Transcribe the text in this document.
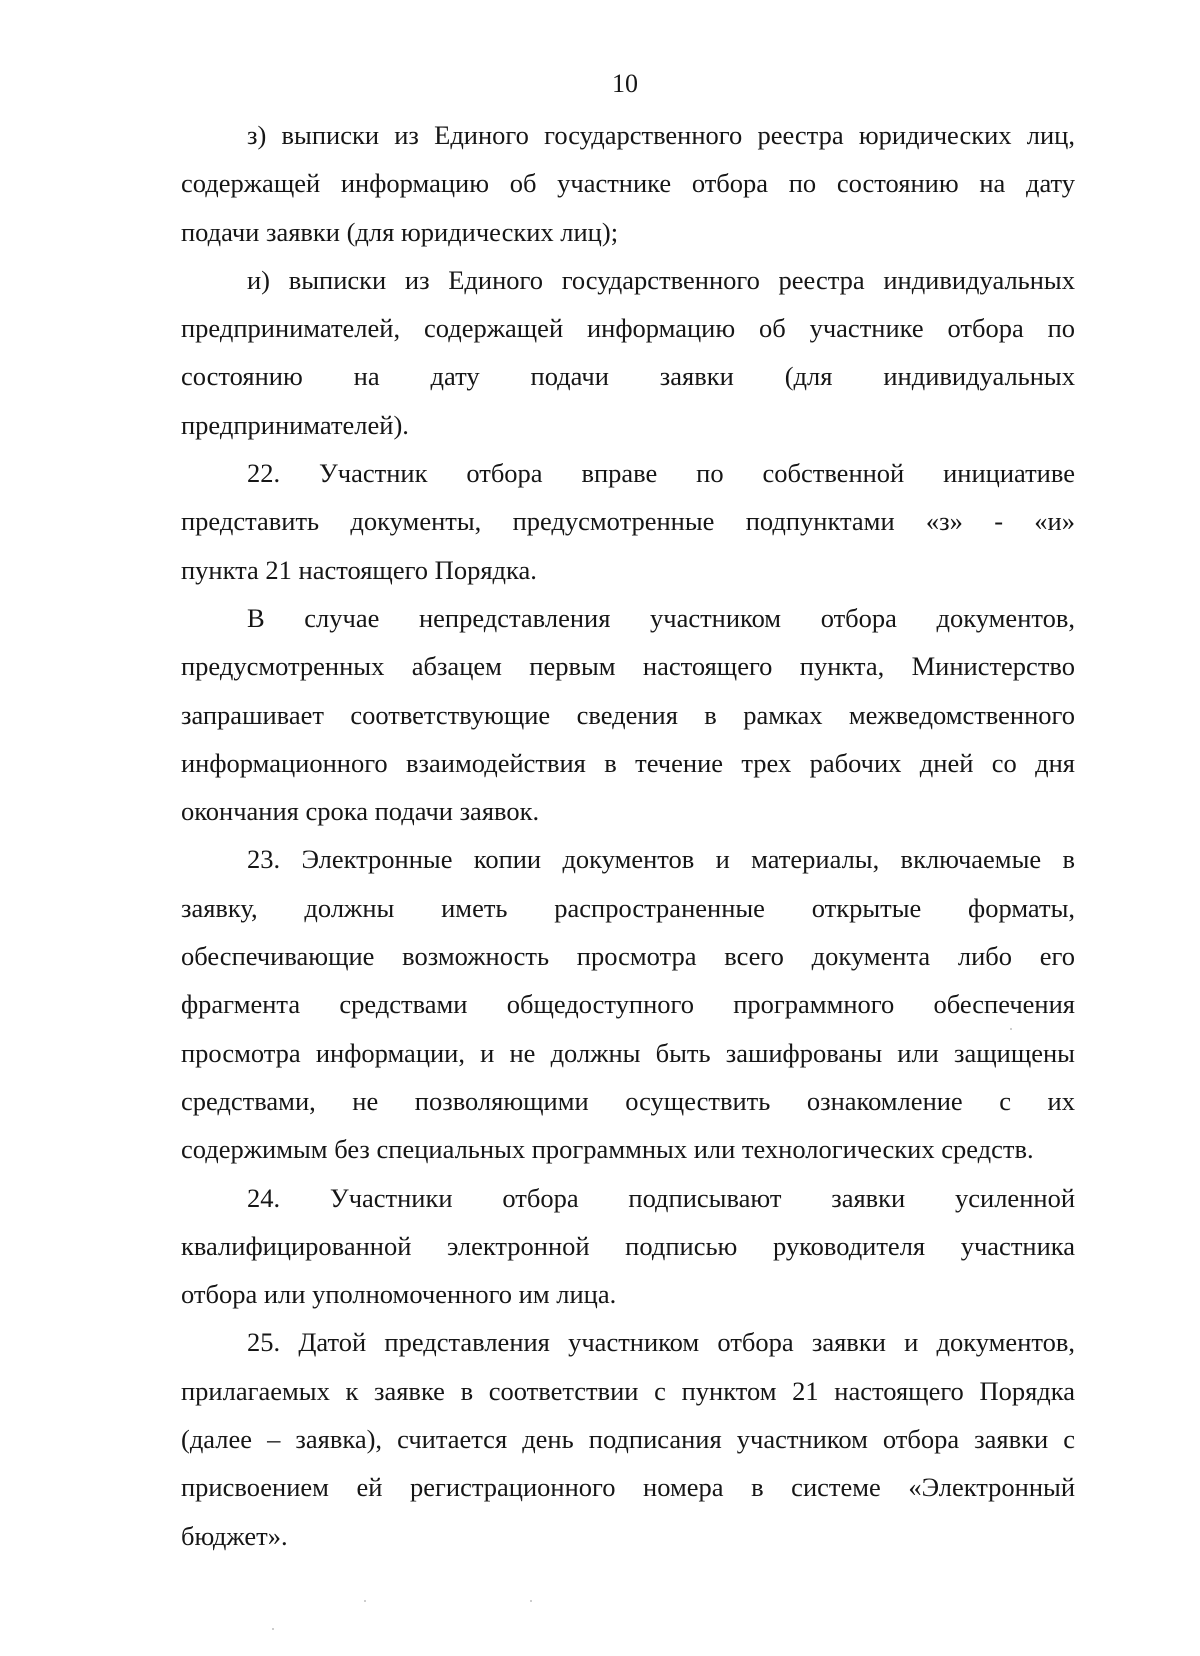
10
з) выписки из Единого государственного реестра юридических лиц,
содержащей информацию об участнике отбора по состоянию на дату
подачи заявки (для юридических лиц);
и) выписки из Единого государственного реестра индивидуальных
предпринимателей, содержащей информацию об участнике отбора по
состоянию на дату подачи заявки (для индивидуальных
предпринимателей).
22. Участник отбора вправе по собственной инициативе
представить документы, предусмотренные подпунктами «з» - «и»
пункта 21 настоящего Порядка.
В случае непредставления участником отбора документов,
предусмотренных абзацем первым настоящего пункта, Министерство
запрашивает соответствующие сведения в рамках межведомственного
информационного взаимодействия в течение трех рабочих дней со дня
окончания срока подачи заявок.
23. Электронные копии документов и материалы, включаемые в
заявку, должны иметь распространенные открытые форматы,
обеспечивающие возможность просмотра всего документа либо его
фрагмента средствами общедоступного программного обеспечения
просмотра информации, и не должны быть зашифрованы или защищены
средствами, не позволяющими осуществить ознакомление с их
содержимым без специальных программных или технологических средств.
24. Участники отбора подписывают заявки усиленной
квалифицированной электронной подписью руководителя участника
отбора или уполномоченного им лица.
25. Датой представления участником отбора заявки и документов,
прилагаемых к заявке в соответствии с пунктом 21 настоящего Порядка
(далее – заявка), считается день подписания участником отбора заявки с
присвоением ей регистрационного номера в системе «Электронный
бюджет».
